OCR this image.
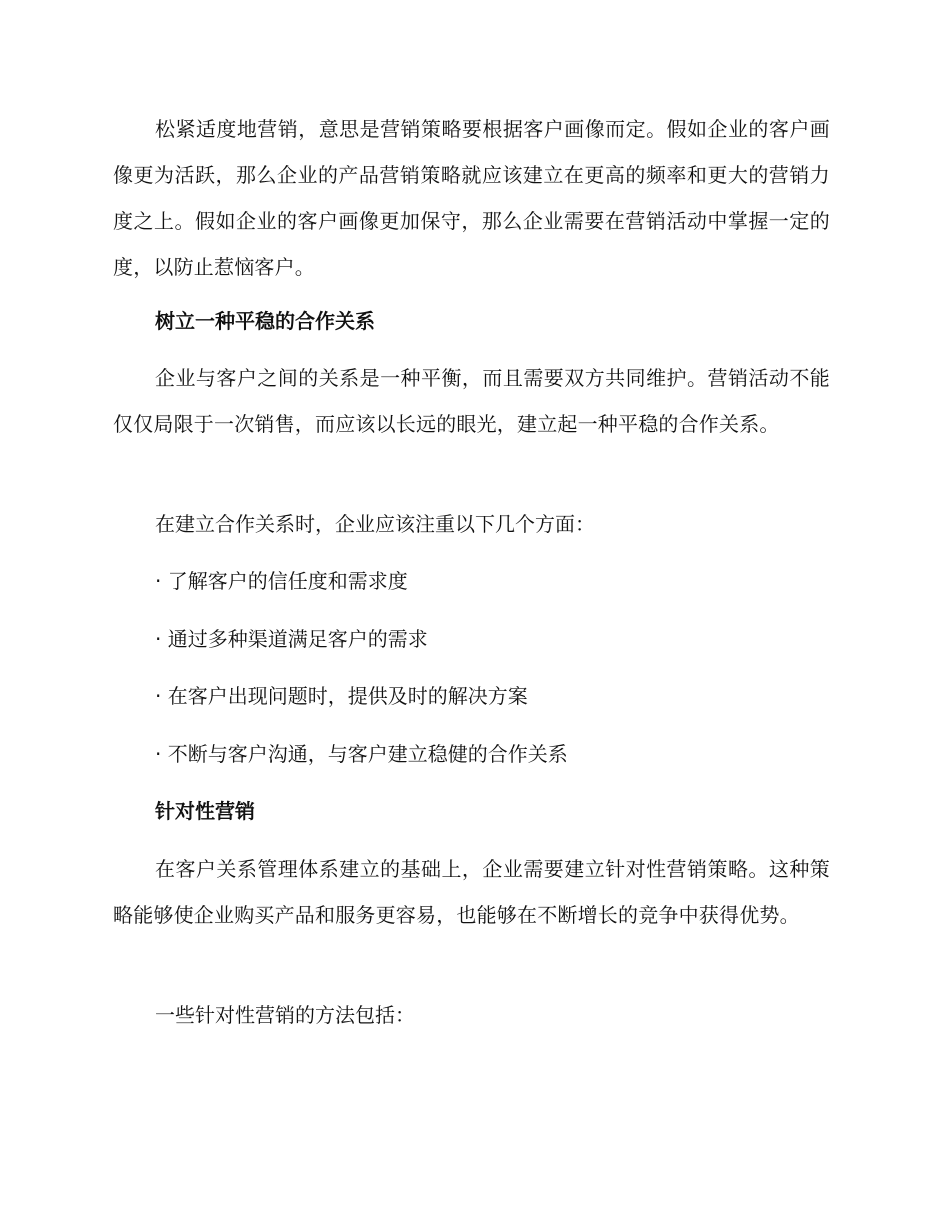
松紧适度地营销，意思是营销策略要根据客户画像而定。假如企业的客户画像更为活跃，那么企业的产品营销策略就应该建立在更高的频率和更大的营销力度之上。假如企业的客户画像更加保守，那么企业需要在营销活动中掌握一定的度，以防止惹恼客户。
树立一种平稳的合作关系
企业与客户之间的关系是一种平衡，而且需要双方共同维护。营销活动不能仅仅局限于一次销售，而应该以长远的眼光，建立起一种平稳的合作关系。
在建立合作关系时，企业应该注重以下几个方面：
· 了解客户的信任度和需求度
· 通过多种渠道满足客户的需求
· 在客户出现问题时，提供及时的解决方案
· 不断与客户沟通，与客户建立稳健的合作关系
针对性营销
在客户关系管理体系建立的基础上，企业需要建立针对性营销策略。这种策略能够使企业购买产品和服务更容易，也能够在不断增长的竞争中获得优势。
一些针对性营销的方法包括：
